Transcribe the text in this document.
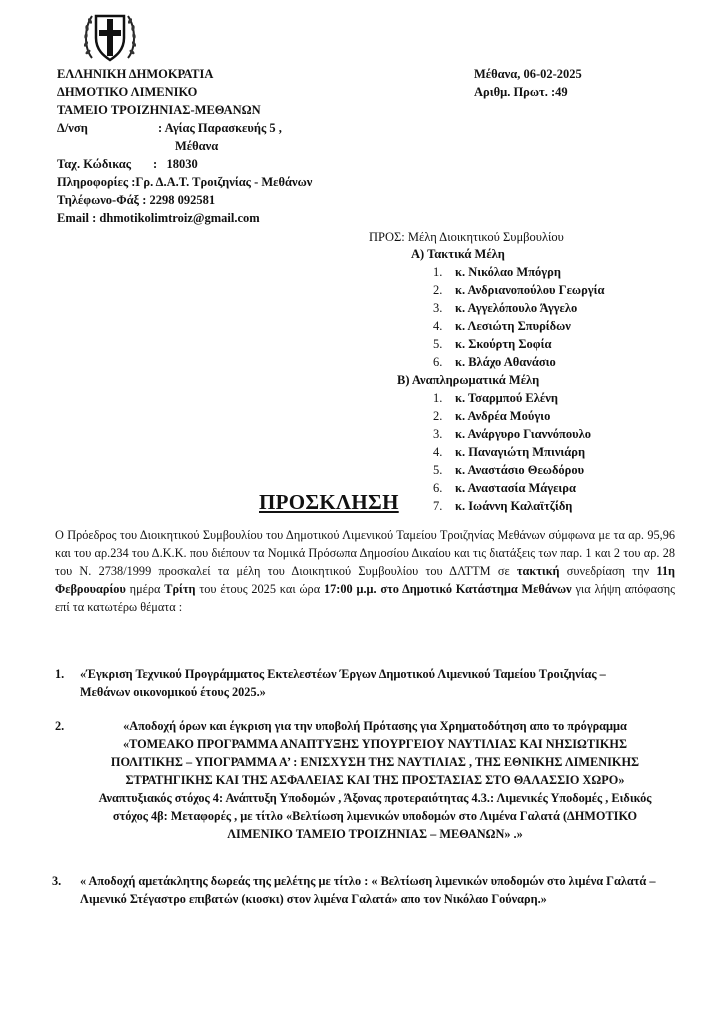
ΕΛΛΗΝΙΚΗ ΔΗΜΟΚΡΑΤΙΑ
ΔΗΜΟΤΙΚΟ ΛΙΜΕΝΙΚΟ
ΤΑΜΕΙΟ ΤΡΟΙΖΗΝΙΑΣ-ΜΕΘΑΝΩΝ
Δ/νση	: Αγίας Παρασκευής 5 ,
Μέθανα
Ταχ. Κώδικας :   18030
Πληροφορίες :Γρ. Δ.Α.Τ. Τροιζηνίας - Μεθάνων
Τηλέφωνο-Φάξ : 2298 092581
Email : dhmotikolimtroiz@gmail.com
Μέθανα, 06-02-2025
Αριθμ. Πρωτ. :49
ΠΡΟΣ: Μέλη Διοικητικού Συμβουλίου
Α) Τακτικά Μέλη
1. κ. Νικόλαο Μπόγρη
2. κ. Ανδριανοπούλου Γεωργία
3. κ. Αγγελόπουλο Άγγελο
4. κ. Λεσιώτη Σπυρίδων
5. κ. Σκούρτη Σοφία
6. κ. Βλάχο Αθανάσιο
Β) Αναπληρωματικά Μέλη
1. κ. Τσαρμπού Ελένη
2. κ. Ανδρέα Μούγιο
3. κ. Ανάργυρο Γιαννόπουλο
4. κ. Παναγιώτη Μπινιάρη
5. κ. Αναστάσιο Θεωδόρου
6. κ. Αναστασία Μάγειρα
7. κ. Ιωάννη Καλαϊτζίδη
ΠΡΟΣΚΛΗΣΗ
Ο Πρόεδρος του Διοικητικού Συμβουλίου του Δημοτικού Λιμενικού Ταμείου Τροιζηνίας Μεθάνων σύμφωνα με τα αρ. 95,96 και του αρ.234 του Δ.Κ.Κ. που διέπουν τα Νομικά Πρόσωπα Δημοσίου Δικαίου και τις διατάξεις των παρ. 1 και 2 του αρ. 28 του Ν. 2738/1999 προσκαλεί τα μέλη του Διοικητικού Συμβουλίου του ΔΛΤΤΜ σε τακτική συνεδρίαση την 11η Φεβρουαρίου ημέρα Τρίτη του έτους 2025 και ώρα 17:00 μ.μ. στο Δημοτικό Κατάστημα Μεθάνων για λήψη απόφασης επί τα κατωτέρω θέματα :
1.	«Έγκριση Τεχνικού Προγράμματος Εκτελεστέων Έργων Δημοτικού Λιμενικού Ταμείου Τροιζηνίας – Μεθάνων οικονομικού έτους 2025.»
2.	«Αποδοχή όρων και έγκριση για την υποβολή Πρότασης για Χρηματοδότηση απο το πρόγραμμα «ΤΟΜΕΑΚΟ ΠΡΟΓΡΑΜΜΑ ΑΝΑΠΤΥΞΗΣ ΥΠΟΥΡΓΕΙΟΥ ΝΑΥΤΙΛΙΑΣ ΚΑΙ ΝΗΣΙΩΤΙΚΗΣ ΠΟΛΙΤΙΚΗΣ – ΥΠΟΓΡΑΜΜΑ Α’ : ΕΝΙΣΧΥΣΗ ΤΗΣ ΝΑΥΤΙΛΙΑΣ , ΤΗΣ ΕΘΝΙΚΗΣ ΛΙΜΕΝΙΚΗΣ ΣΤΡΑΤΗΓΙΚΗΣ ΚΑΙ ΤΗΣ ΑΣΦΑΛΕΙΑΣ ΚΑΙ ΤΗΣ ΠΡΟΣΤΑΣΙΑΣ ΣΤΟ ΘΑΛΑΣΣΙΟ ΧΩΡΟ» Αναπτυξιακός στόχος 4: Ανάπτυξη Υποδομών , Άξονας προτεραιότητας 4.3.: Λιμενικές Υποδομές , Ειδικός στόχος 4β: Μεταφορές , με τίτλο «Βελτίωση λιμενικών υποδομών στο Λιμένα Γαλατά (ΔΗΜΟΤΙΚΟ ΛΙΜΕΝΙΚΟ ΤΑΜΕΙΟ ΤΡΟΙΖΗΝΙΑΣ – ΜΕΘΑΝΩΝ» .»
3.	« Αποδοχή αμετάκλητης δωρεάς της μελέτης με τίτλο : « Βελτίωση λιμενικών υποδομών στο λιμένα Γαλατά – Λιμενικό Στέγαστρο επιβατών (κιοσκι) στον λιμένα Γαλατά» απο τον Νικόλαο Γούναρη.»
